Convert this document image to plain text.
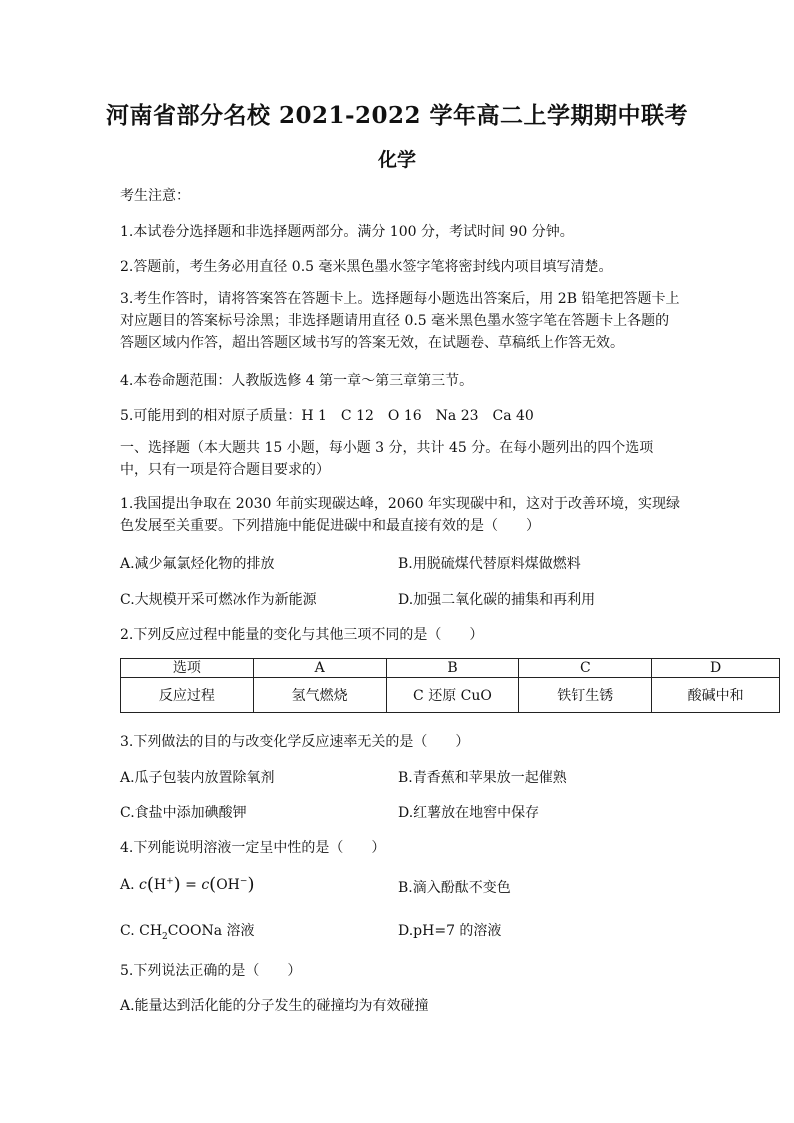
河南省部分名校 2021-2022 学年高二上学期期中联考
化学
考生注意：
1.本试卷分选择题和非选择题两部分。满分 100 分，考试时间 90 分钟。
2.答题前，考生务必用直径 0.5 毫米黑色墨水签字笔将密封线内项目填写清楚。
3.考生作答时，请将答案答在答题卡上。选择题每小题选出答案后，用 2B 铅笔把答题卡上对应题目的答案标号涂黑；非选择题请用直径 0.5 毫米黑色墨水签字笔在答题卡上各题的答题区域内作答，超出答题区域书写的答案无效，在试题卷、草稿纸上作答无效。
4.本卷命题范围：人教版选修 4 第一章～第三章第三节。
5.可能用到的相对原子质量：H 1　C 12　O 16　Na 23　Ca 40
一、选择题（本大题共 15 小题，每小题 3 分，共计 45 分。在每小题列出的四个选项中，只有一项是符合题目要求的）
1.我国提出争取在 2030 年前实现碳达峰，2060 年实现碳中和，这对于改善环境，实现绿色发展至关重要。下列措施中能促进碳中和最直接有效的是（　　）
A.减少氟氯烃化物的排放	B.用脱硫煤代替原料煤做燃料
C.大规模开采可燃冰作为新能源	D.加强二氧化碳的捕集和再利用
2.下列反应过程中能量的变化与其他三项不同的是（　　）
选项	A	B	C	D
反应过程	氢气燃烧	C 还原 CuO	铁钉生锈	酸碱中和
3.下列做法的目的与改变化学反应速率无关的是（　　）
A.瓜子包装内放置除氧剂	B.青香蕉和苹果放一起催熟
C.食盐中添加碘酸钾	D.红薯放在地窖中保存
4.下列能说明溶液一定呈中性的是（　　）
A. c(H+) = c(OH−)	B.滴入酚酞不变色
C. $CH_2COONa$ 溶液	D.pH=7 的溶液
5.下列说法正确的是（　　）
A.能量达到活化能的分子发生的碰撞均为有效碰撞
